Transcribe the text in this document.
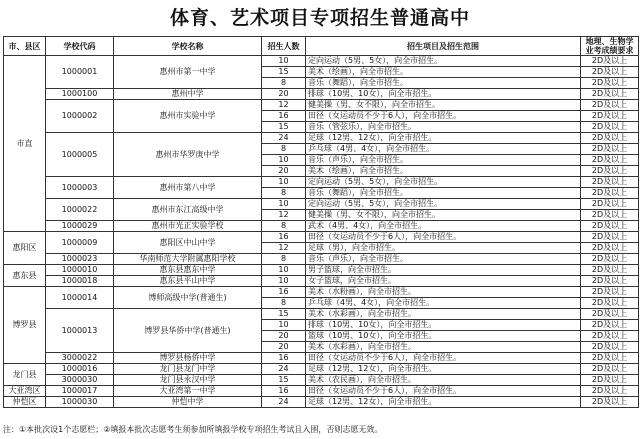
体育、艺术项目专项招生普通高中
市、县区	学校代码	学校名称	招生人数	招生项目及招生范围	地理、生物学业考成绩要求
市直	1000001	惠州市第一中学	10	定向运动（5男、5女），向全市招生。	2D及以上
			15	美术（绘画），向全市招生。	2D及以上
			8	音乐（舞蹈），向全市招生。	2D及以上
	1000100	惠州中学	20	排球（10男、10女），向全市招生。	2D及以上
	1000002	惠州市实验中学	12	健美操（男、女不限），向全市招生。	2D及以上
			16	田径（女运动员不少于6人），向全市招生。	2D及以上
			15	音乐（管弦乐），向全市招生。	2D及以上
	1000005	惠州市华罗庚中学	24	足球（12男、12女），向全市招生。	2D及以上
			8	乒乓球（4男、4女），向全市招生。	2D及以上
			10	音乐（声乐），向全市招生。	2D及以上
			20	美术（绘画），向全市招生。	2D及以上
	1000003	惠州市第八中学	10	定向运动（5男、5女），向全市招生。	2D及以上
			8	音乐（舞蹈），向全市招生。	2D及以上
	1000022	惠州市东江高级中学	10	定向运动（5男、5女），向全市招生。	2D及以上
			12	健美操（男、女不限），向全市招生。	2D及以上
	1000029	惠州市光正实验学校	8	武术（4男、4女），向全市招生。	2D及以上
惠阳区	1000009	惠阳区中山中学	16	田径（女运动员不少于6人），向全市招生。	2D及以上
			12	足球（男），向全市招生。	2D及以上
	1000023	华南师范大学附属惠阳学校	8	音乐（声乐），向全市招生。	2D及以上
惠东县	1000010	惠东县惠东中学	10	男子篮球，向全市招生。	2D及以上
	1000018	惠东县平山中学	10	女子篮球，向全市招生。	2D及以上
博罗县	1000014	博师高级中学(普通生)	16	美术（水粉画），向全市招生。	2D及以上
			8	乒乓球（4男、4女），向全市招生。	2D及以上
	1000013	博罗县华侨中学(普通生)	15	美术（水彩画），向全市招生。	2D及以上
			10	排球（10男、10女），向全市招生。	2D及以上
			20	篮球（10男、10女），向全市招生。	2D及以上
			20	美术（水彩画），向全市招生。	2D及以上
	3000022	博罗县杨侨中学	16	田径（女运动员不少于6人），向全市招生。	2D及以上
龙门县	1000016	龙门县龙门中学	24	足球（12男、12女），向全市招生。	2D及以上
	3000030	龙门县永汉中学	15	美术（农民画），向全市招生。	2D及以上
大亚湾区	1000017	大亚湾第一中学	16	田径（女运动员不少于6人），向全市招生。	2D及以上
仲恺区	1000030	仲恺中学	24	足球（12男、12女），向全市招生。	2D及以上
注：①本批次设1个志愿栏；②填报本批次志愿考生须参加所填报学校专项招生考试且入围，否则志愿无效。
